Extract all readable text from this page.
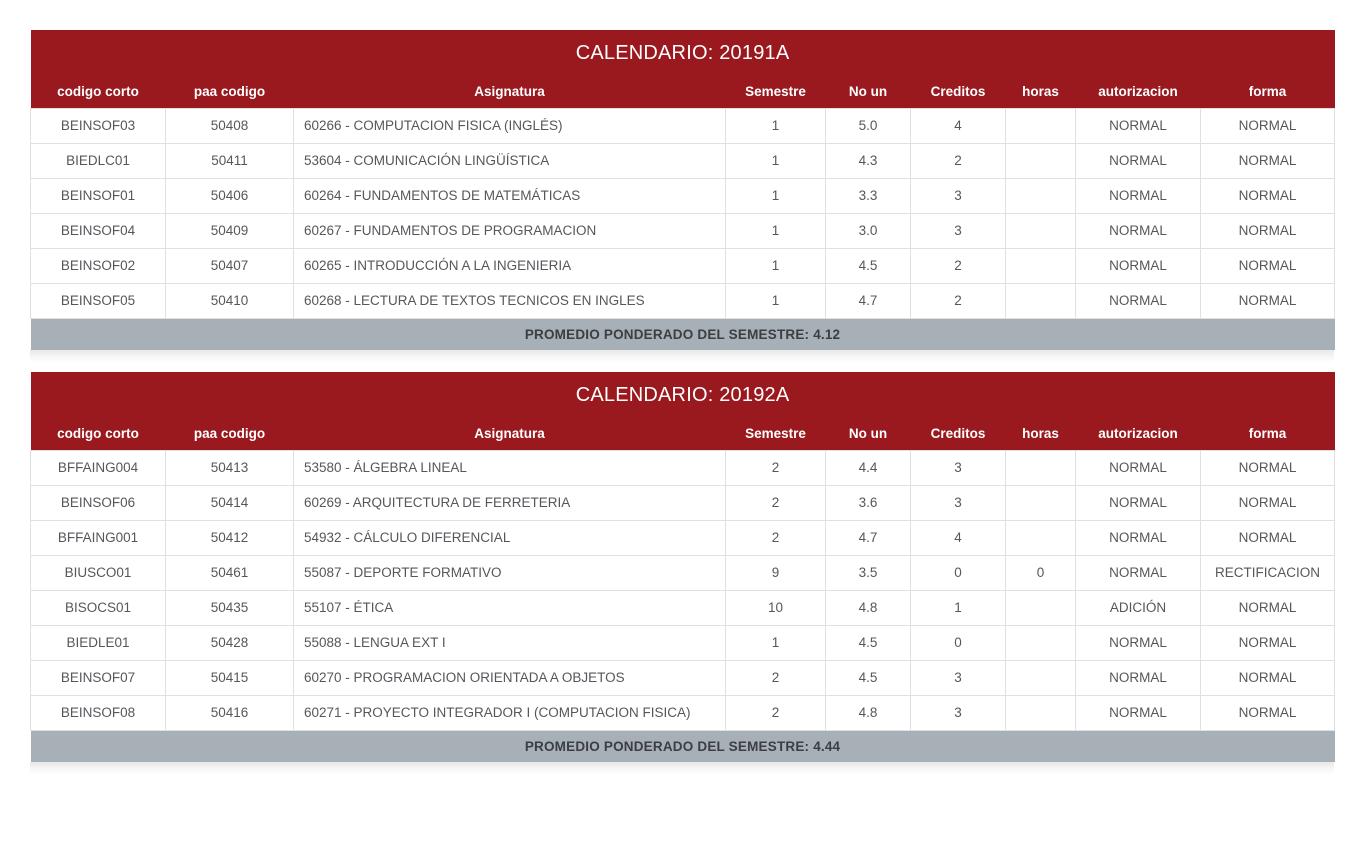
CALENDARIO: 20191A								
codigo corto	paa codigo	Asignatura	Semestre	No un	Creditos	horas	autorizacion	forma
BEINSOF03	50408	60266 - COMPUTACION FISICA (INGLÉS)	1	5.0	4		NORMAL	NORMAL
BIEDLC01	50411	53604 - COMUNICACIÓN LINGÜÍSTICA	1	4.3	2		NORMAL	NORMAL
BEINSOF01	50406	60264 - FUNDAMENTOS DE MATEMÁTICAS	1	3.3	3		NORMAL	NORMAL
BEINSOF04	50409	60267 - FUNDAMENTOS DE PROGRAMACION	1	3.0	3		NORMAL	NORMAL
BEINSOF02	50407	60265 - INTRODUCCIÓN A LA INGENIERIA	1	4.5	2		NORMAL	NORMAL
BEINSOF05	50410	60268 - LECTURA DE TEXTOS TECNICOS EN INGLES	1	4.7	2		NORMAL	NORMAL
PROMEDIO PONDERADO DEL SEMESTRE: 4.12								
CALENDARIO: 20192A								
codigo corto	paa codigo	Asignatura	Semestre	No un	Creditos	horas	autorizacion	forma
BFFAING004	50413	53580 - ÁLGEBRA LINEAL	2	4.4	3		NORMAL	NORMAL
BEINSOF06	50414	60269 - ARQUITECTURA DE FERRETERIA	2	3.6	3		NORMAL	NORMAL
BFFAING001	50412	54932 - CÁLCULO DIFERENCIAL	2	4.7	4		NORMAL	NORMAL
BIUSCO01	50461	55087 - DEPORTE FORMATIVO	9	3.5	0	0	NORMAL	RECTIFICACION
BISOCS01	50435	55107 - ÉTICA	10	4.8	1		ADICIÓN	NORMAL
BIEDLE01	50428	55088 - LENGUA EXT I	1	4.5	0		NORMAL	NORMAL
BEINSOF07	50415	60270 - PROGRAMACION ORIENTADA A OBJETOS	2	4.5	3		NORMAL	NORMAL
BEINSOF08	50416	60271 - PROYECTO INTEGRADOR I (COMPUTACION FISICA)	2	4.8	3		NORMAL	NORMAL
PROMEDIO PONDERADO DEL SEMESTRE: 4.44								
